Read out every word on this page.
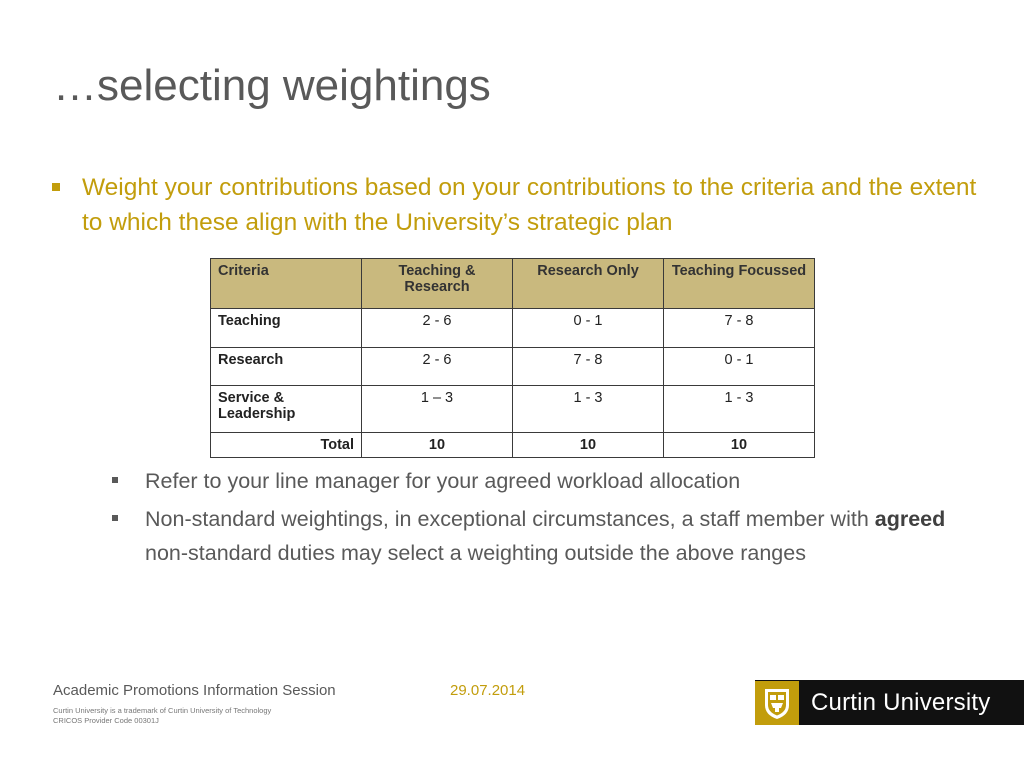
…selecting weightings
Weight your contributions based on your contributions to the criteria and the extent to which these align with the University’s strategic plan
Criteria	Teaching & Research	Research Only	Teaching Focussed
Teaching	2 - 6	0 - 1	7 - 8
Research	2 - 6	7 - 8	0 - 1
Service & Leadership	1 – 3	1 - 3	1 - 3
Total	10	10	10
Refer to your line manager for your agreed workload allocation
Non-standard weightings, in exceptional circumstances, a staff member with agreed non-standard duties may select a weighting outside the above ranges
Academic Promotions Information Session	29.07.2014
Curtin University is a trademark of Curtin University of Technology
CRICOS Provider Code 00301J
Curtin University
